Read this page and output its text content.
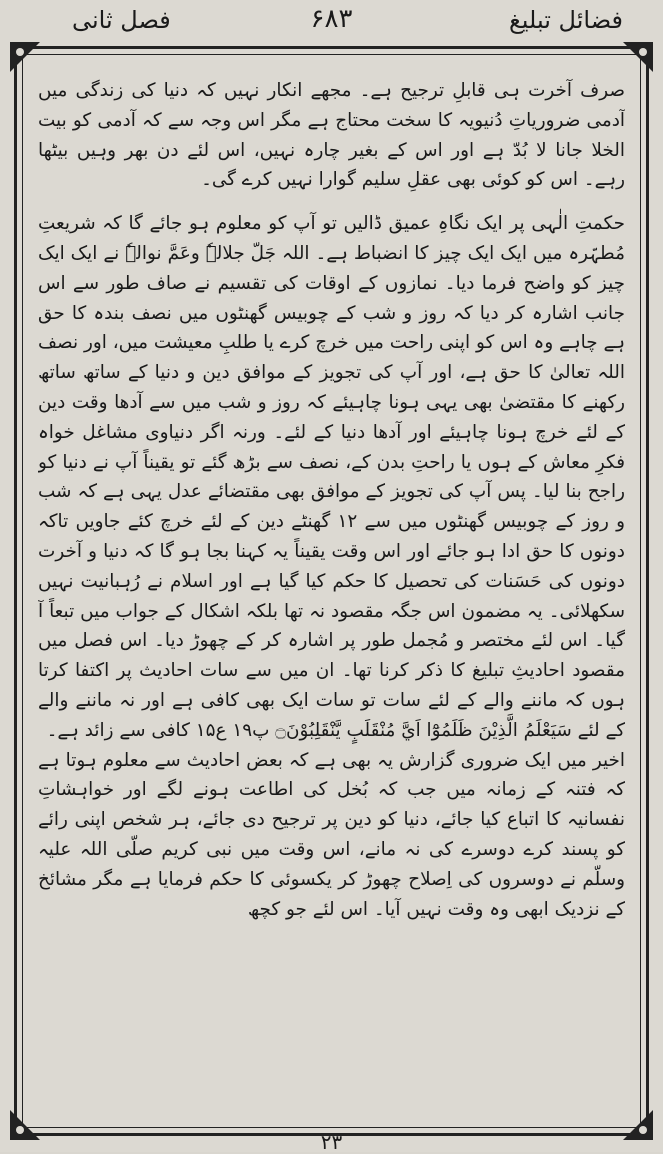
فصل ثانی	۶۸۳	فضائل تبلیغ

صرف آخرت ہی قابلِ ترجیح ہے۔ مجھے انکار نہیں کہ دنیا کی زندگی میں آدمی ضروریاتِ دُنیویہ کا سخت محتاج ہے مگر اس وجہ سے کہ آدمی کو بیت الخلا جانا لا بُدّ ہے اور اس کے بغیر چارہ نہیں، اس لئے دن بھر وہیں بیٹھا رہے۔ اس کو کوئی بھی عقلِ سلیم گوارا نہیں کرے گی۔

حکمتِ الٰہی پر ایک نگاہِ عمیق ڈالیں تو آپ کو معلوم ہو جائے گا کہ شریعتِ مُطہّرہ میں ایک ایک چیز کا انضباط ہے۔ اللہ جَلّ جلالہٗ وعَمَّ نوالہٗ نے ایک ایک چیز کو واضح فرما دیا۔ نمازوں کے اوقات کی تقسیم نے صاف طور سے اس جانب اشارہ کر دیا کہ روز و شب کے چوبیس گھنٹوں میں نصف بندہ کا حق ہے چاہے وہ اس کو اپنی راحت میں خرچ کرے یا طلبِ معیشت میں، اور نصف اللہ تعالیٰ کا حق ہے، اور آپ کی تجویز کے موافق دین و دنیا کے ساتھ ساتھ رکھنے کا مقتضیٰ بھی یہی ہونا چاہیئے کہ روز و شب میں سے آدھا وقت دین کے لئے خرچ ہونا چاہیئے اور آدھا دنیا کے لئے۔ ورنہ اگر دنیاوی مشاغل خواہ فکرِ معاش کے ہوں یا راحتِ بدن کے، نصف سے بڑھ گئے تو یقیناً آپ نے دنیا کو راجح بنا لیا۔ پس آپ کی تجویز کے موافق بھی مقتضائے عدل یہی ہے کہ شب و روز کے چوبیس گھنٹوں میں سے ۱۲ گھنٹے دین کے لئے خرچ کئے جاویں تاکہ دونوں کا حق ادا ہو جائے اور اس وقت یقیناً یہ کہنا بجا ہو گا کہ دنیا و آخرت دونوں کی حَسَنات کی تحصیل کا حکم کیا گیا ہے اور اسلام نے رُہبانیت نہیں سکھلائی۔ یہ مضمون اس جگہ مقصود نہ تھا بلکہ اشکال کے جواب میں تبعاً آ گیا۔ اس لئے مختصر و مُجمل طور پر اشارہ کر کے چھوڑ دیا۔ اس فصل میں مقصود احادیثِ تبلیغ کا ذکر کرنا تھا۔ ان میں سے سات احادیث پر اکتفا کرتا ہوں کہ ماننے والے کے لئے سات تو سات ایک بھی کافی ہے اور نہ ماننے والے کے لئے سَيَعْلَمُ الَّذِيْنَ ظَلَمُوْٓا اَيَّ مُنْقَلَبٍ يَّنْقَلِبُوْنَ۝ پ۱۹ ع۱۵ کافی سے زائد ہے۔

اخیر میں ایک ضروری گزارش یہ بھی ہے کہ بعض احادیث سے معلوم ہوتا ہے کہ فتنہ کے زمانہ میں جب کہ بُخل کی اطاعت ہونے لگے اور خواہشاتِ نفسانیہ کا اتباع کیا جائے، دنیا کو دین پر ترجیح دی جائے، ہر شخص اپنی رائے کو پسند کرے دوسرے کی نہ مانے، اس وقت میں نبی کریم صلّی اللہ علیہ وسلّم نے دوسروں کی اِصلاح چھوڑ کر یکسوئی کا حکم فرمایا ہے مگر مشائخ کے نزدیک ابھی وہ وقت نہیں آیا۔ اس لئے جو کچھ

۲۳
